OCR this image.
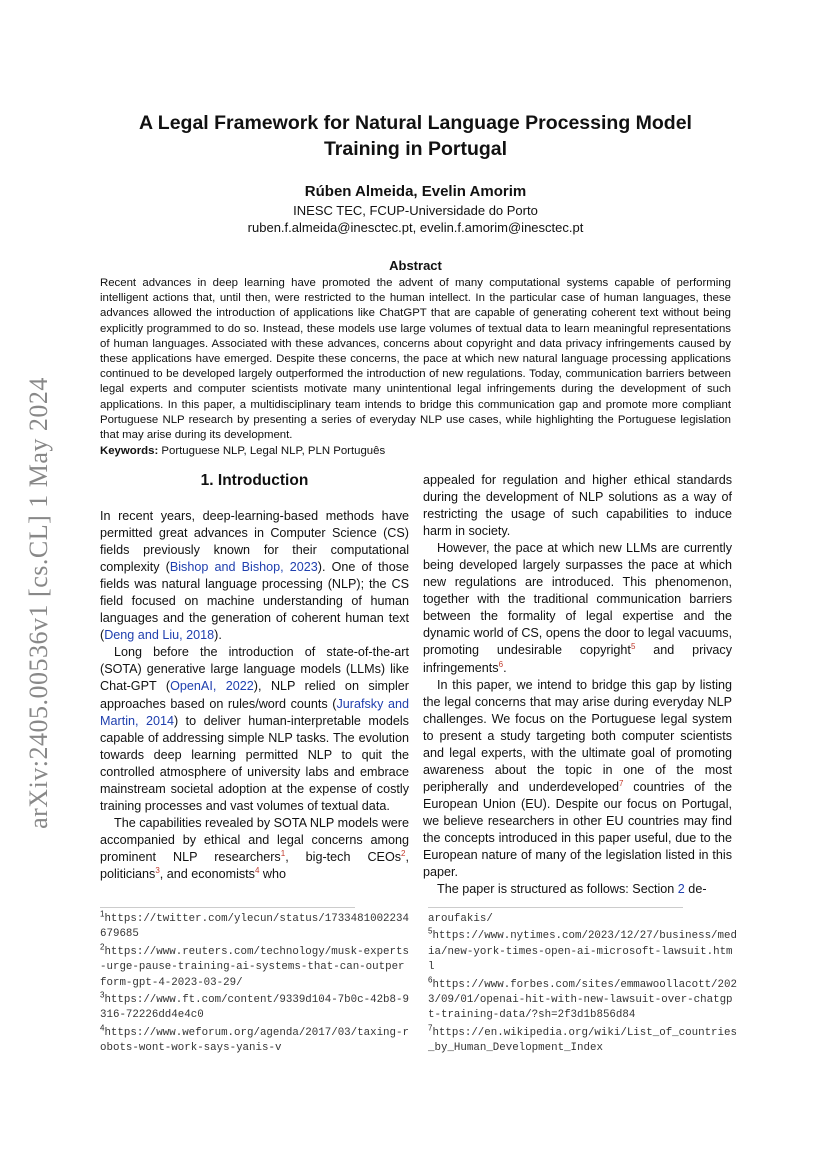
arXiv:2405.00536v1 [cs.CL] 1 May 2024
A Legal Framework for Natural Language Processing Model Training in Portugal
Rúben Almeida, Evelin Amorim
INESC TEC, FCUP-Universidade do Porto
ruben.f.almeida@inesctec.pt, evelin.f.amorim@inesctec.pt
Abstract

Recent advances in deep learning have promoted the advent of many computational systems capable of performing intelligent actions that, until then, were restricted to the human intellect. In the particular case of human languages, these advances allowed the introduction of applications like ChatGPT that are capable of generating coherent text without being explicitly programmed to do so. Instead, these models use large volumes of textual data to learn meaningful representations of human languages. Associated with these advances, concerns about copyright and data privacy infringements caused by these applications have emerged. Despite these concerns, the pace at which new natural language processing applications continued to be developed largely outperformed the introduction of new regulations. Today, communication barriers between legal experts and computer scientists motivate many unintentional legal infringements during the development of such applications. In this paper, a multidisciplinary team intends to bridge this communication gap and promote more compliant Portuguese NLP research by presenting a series of everyday NLP use cases, while highlighting the Portuguese legislation that may arise during its development.

Keywords: Portuguese NLP, Legal NLP, PLN Português
1. Introduction

In recent years, deep-learning-based methods have permitted great advances in Computer Science (CS) fields previously known for their computational complexity (Bishop and Bishop, 2023). One of those fields was natural language processing (NLP); the CS field focused on machine understanding of human languages and the generation of coherent human text (Deng and Liu, 2018).

Long before the introduction of state-of-the-art (SOTA) generative large language models (LLMs) like Chat-GPT (OpenAI, 2022), NLP relied on simpler approaches based on rules/word counts (Jurafsky and Martin, 2014) to deliver human-interpretable models capable of addressing simple NLP tasks. The evolution towards deep learning permitted NLP to quit the controlled atmosphere of university labs and embrace mainstream societal adoption at the expense of costly training processes and vast volumes of textual data.

The capabilities revealed by SOTA NLP models were accompanied by ethical and legal concerns among prominent NLP researchers$^1$, big-tech CEOs$^2$, politicians$^3$, and economists$^4$ who

appealed for regulation and higher ethical standards during the development of NLP solutions as a way of restricting the usage of such capabilities to induce harm in society.

However, the pace at which new LLMs are currently being developed largely surpasses the pace at which new regulations are introduced. This phenomenon, together with the traditional communication barriers between the formality of legal expertise and the dynamic world of CS, opens the door to legal vacuums, promoting undesirable copyright$^5$ and privacy infringements$^6$.

In this paper, we intend to bridge this gap by listing the legal concerns that may arise during everyday NLP challenges. We focus on the Portuguese legal system to present a study targeting both computer scientists and legal experts, with the ultimate goal of promoting awareness about the topic in one of the most peripherally and underdeveloped$^7$ countries of the European Union (EU). Despite our focus on Portugal, we believe researchers in other EU countries may find the concepts introduced in this paper useful, due to the European nature of many of the legislation listed in this paper.

The paper is structured as follows: Section 2 de-

$^1$https://twitter.com/ylecun/status/1733481002234679685

$^2$https://www.reuters.com/technology/musk-experts-urge-pause-training-ai-systems-that-can-outperform-gpt-4-2023-03-29/

$^3$https://www.ft.com/content/9339d104-7b0c-42b8-9316-72226dd4e4c0

$^4$https://www.weforum.org/agenda/2017/03/taxing-robots-wont-work-says-yanis-v

aroufakis/

$^5$https://www.nytimes.com/2023/12/27/business/media/new-york-times-open-ai-microsoft-lawsuit.html

$^6$https://www.forbes.com/sites/emmawoollacott/2023/09/01/openai-hit-with-new-lawsuit-over-chatgpt-training-data/?sh=2f3d1b856d84

$^7$https://en.wikipedia.org/wiki/List_of_countries_by_Human_Development_Index
